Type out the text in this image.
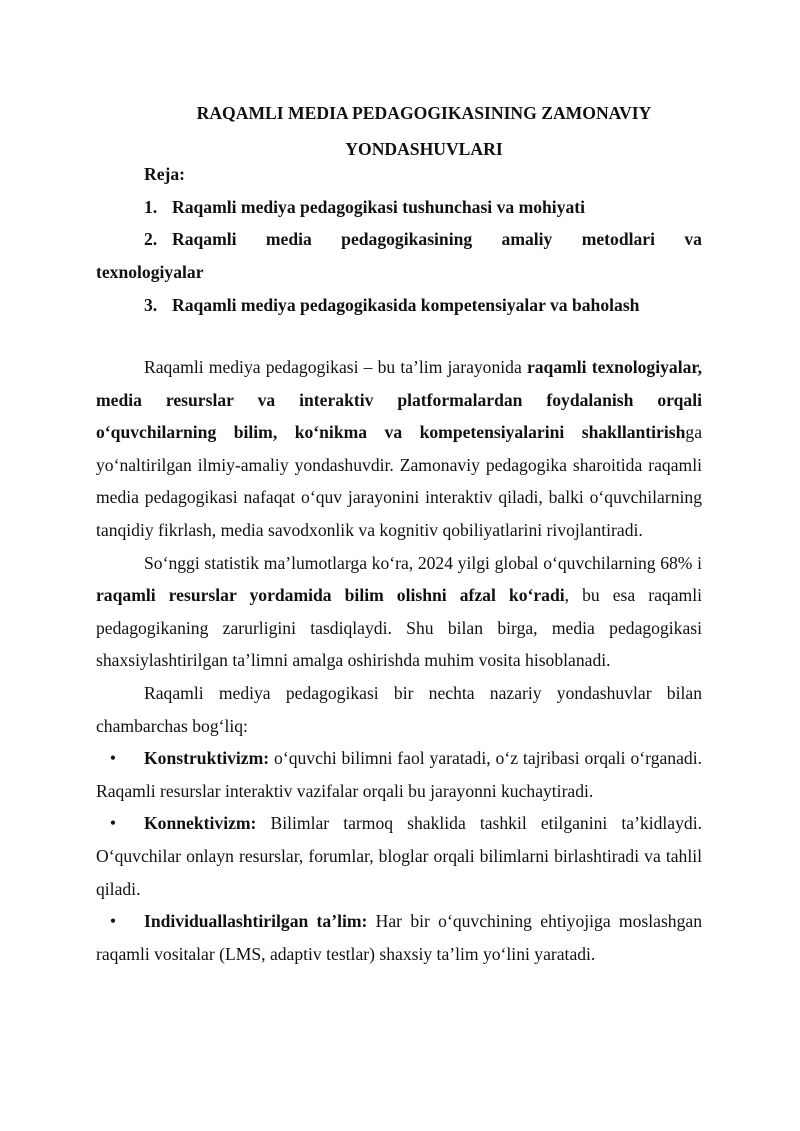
RAQAMLI MEDIA PEDAGOGIKASINING ZAMONAVIY
YONDASHUVLARI
Reja:
1. Raqamli mediya pedagogikasi tushunchasi va mohiyati
2. Raqamli media pedagogikasining amaliy metodlari va
texnologiyalar
3. Raqamli mediya pedagogikasida kompetensiyalar va baholash

Raqamli mediya pedagogikasi – bu ta’lim jarayonida raqamli texnologiyalar, media resurslar va interaktiv platformalardan foydalanish orqali o‘quvchilarning bilim, ko‘nikma va kompetensiyalarini shakllantirishga yo‘naltirilgan ilmiy-amaliy yondashuvdir. Zamonaviy pedagogika sharoitida raqamli media pedagogikasi nafaqat o‘quv jarayonini interaktiv qiladi, balki o‘quvchilarning tanqidiy fikrlash, media savodxonlik va kognitiv qobiliyatlarini rivojlantiradi.

So‘nggi statistik ma’lumotlarga ko‘ra, 2024 yilgi global o‘quvchilarning 68% i raqamli resurslar yordamida bilim olishni afzal ko‘radi, bu esa raqamli pedagogikaning zarurligini tasdiqlaydi. Shu bilan birga, media pedagogikasi shaxsiylashtirilgan ta’limni amalga oshirishda muhim vosita hisoblanadi.

Raqamli mediya pedagogikasi bir nechta nazariy yondashuvlar bilan chambarchas bog‘liq:

• Konstruktivizm: o‘quvchi bilimni faol yaratadi, o‘z tajribasi orqali o‘rganadi. Raqamli resurslar interaktiv vazifalar orqali bu jarayonni kuchaytiradi.

• Konnektivizm: Bilimlar tarmoq shaklida tashkil etilganini ta’kidlaydi. O‘quvchilar onlayn resurslar, forumlar, bloglar orqali bilimlarni birlashtiradi va tahlil qiladi.

• Individuallashtirilgan ta’lim: Har bir o‘quvchining ehtiyojiga moslashgan raqamli vositalar (LMS, adaptiv testlar) shaxsiy ta’lim yo‘lini yaratadi.
